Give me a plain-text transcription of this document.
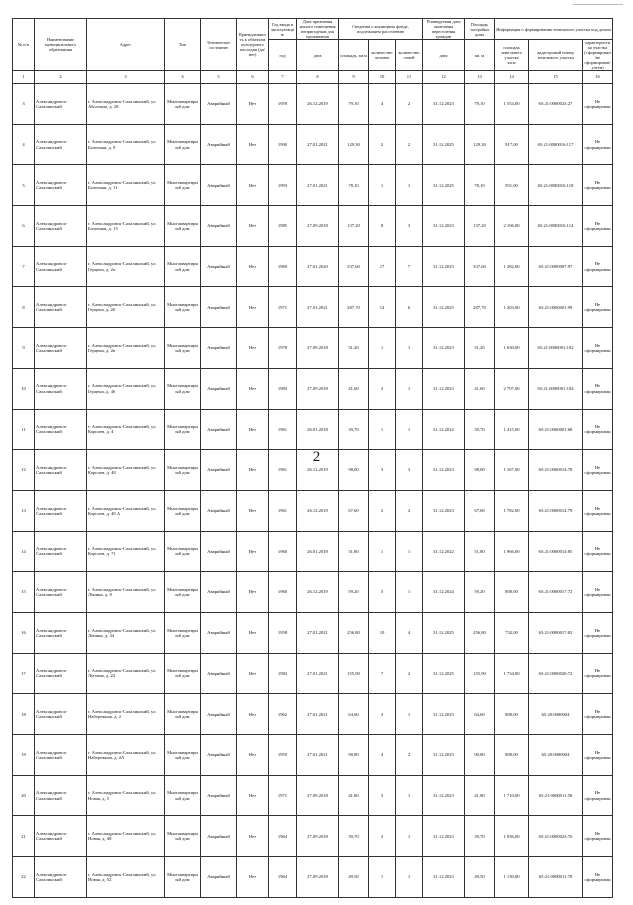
2
№ п/п	Наименование муниципального образования	Адрес	Тип	Техническое состояние	Принадлежность к объектам культурного наследия (да/нет)	Год ввода в эксплуатацию	Дата признания жилого помещения непригодным для проживания	Сведения о жилищном фонде, подлежащем расселению			Планируемая дата окончания переселения граждан	Площадь застройки дома	Информация о формировании земельного участка под домом		
						год	дата	площадь, кв.м	количество человек	количество семей	дата	кв. м	площадь земельного участка
кв.м	кадастровый номер земельного участка	характеристика участка (сформирован/не сформирован/учтен)
1	2	3	4	5	6	7	8	9	10	11	12	13	14	15	16
3	Александровск-Сахалинский	г. Александровск-Сахалинский, ул. Аболтина, д. 28	Многоквартирный дом	Аварийный	Нет	1959	26.12.2019	79,10	4	2	31.12.2023	79,10	1 554,00	65:21:0000023:27	Не сформирован
4	Александровск-Сахалинский	г. Александровск-Сахалинский, ул. Балочная, д. 9	Многоквартирный дом	Аварийный	Нет	1990	27.01.2021	129,30	2	2	31.12.2025	129,30	917,00	65:21:0000016:117	Не сформирован
5	Александровск-Сахалинский	г. Александровск-Сахалинский, ул. Балочная, д. 11	Многоквартирный дом	Аварийный	Нет	1993	27.01.2021	78,10	1	1	31.12.2025	78,10	951,00	65:21:0000016:118	Не сформирован
6	Александровск-Сахалинский	г. Александровск-Сахалинский, ул. Балочная, д. 13	Многоквартирный дом	Аварийный	Нет	1985	27.09.2018	137,20	8	3	31.12.2023	137,20	2 106,00	65:21:0000016:114	Не сформирован
7	Александровск-Сахалинский	г. Александровск-Сахалинский, ул. Герцена, д. 2а	Многоквартирный дом	Аварийный	Нет	1969	27.01.2020	337,60	17	7	31.12.2025	337,60	1 282,00	65:21:0000007:97	Не сформирован
8	Александровск-Сахалинский	г. Александровск-Сахалинский, ул. Герцена, д. 2б	Многоквартирный дом	Аварийный	Нет	1971	27.01.2021	287,70	14	6	31.12.2025	287,70	1 203,00	65:21:0000001:99	Не сформирован
9	Александровск-Сахалинский	г. Александровск-Сахалинский, ул. Герцена, д. 2в	Многоквартирный дом	Аварийный	Нет	1978	27.09.2018	51,20	1	1	31.12.2023	51,20	1 630,00	65:21:0000001:102	Не сформирован
10	Александровск-Сахалинский	г. Александровск-Сахалинский, ул. Герцена, д. 4б	Многоквартирный дом	Аварийный	Нет	1983	27.09.2018	41,60	3	1	31.12.2023	41,60	2 707,00	65:21:0000001:104	Не сформирован
11	Александровск-Сахалинский	г. Александровск-Сахалинский, ул. Королев, д. 4	Многоквартирный дом	Аварийный	Нет	1961	26.01.2018	39,70	1	1	31.12.2022	39,70	1 415,00	65:21:0000001:68	Не сформирован
12	Александровск-Сахалинский	г. Александровск-Сахалинский, ул. Королев, д. 48	Многоквартирный дом	Аварийный	Нет	1961	26.12.2019	98,00	3	3	31.12.2023	98,00	1 167,00	65:21:0000014:78	Не сформирован
13	Александровск-Сахалинский	г. Александровск-Сахалинский, ул. Королев, д. 48 А	Многоквартирный дом	Аварийный	Нет	1961	26.12.2019	67,60	2	2	31.12.2023	67,60	1 782,00	65:21:0000014:79	Не сформирован
14	Александровск-Сахалинский	г. Александровск-Сахалинский, ул. Королев, д. 71	Многоквартирный дом	Аварийный	Нет	1960	26.01.2018	51,80	1	1	31.12.2022	51,80	1 966,00	65:21:0000014:85	Не сформирован
15	Александровск-Сахалинский	г. Александровск-Сахалинский, ул. Ленина, д. 8	Многоквартирный дом	Аварийный	Нет	1960	26.12.2019	59,20	5	1	31.12.2024	59,20	800,00	65:21:0000017:72	Не сформирован
16	Александровск-Сахалинский	г. Александровск-Сахалинский, ул. Ленина, д. 34	Многоквартирный дом	Аварийный	Нет	1958	27.01.2021	256,80	10	4	31.12.2025	256,80	732,00	65:21:0000017:82	Не сформирован
17	Александровск-Сахалинский	г. Александровск-Сахалинский, ул. Луговая, д. 22	Многоквартирный дом	Аварийный	Нет	1983	27.01.2021	155,90	7	2	31.12.2025	155,90	1 734,00	65:21:0000020:72	Не сформирован
18	Александровск-Сахалинский	г. Александровск-Сахалинский, ул. Набережная, д. 2	Многоквартирный дом	Аварийный	Нет	1962	27.01.2021	64,60	3	1	31.12.2025	64,60	800,00	65:20:0000004	Не сформирован
19	Александровск-Сахалинский	г. Александровск-Сахалинский, ул. Набережная, д. 2А	Многоквартирный дом	Аварийный	Нет	1959	27.01.2021	90,80	4	2	31.12.2025	90,80	800,00	65:20:0000004	Не сформирован
20	Александровск-Сахалинский	г. Александровск-Сахалинский, ул. Новая, д. 5	Многоквартирный дом	Аварийный	Нет	1971	27.09.2018	41,80	3	1	31.12.2023	41,80	1 710,00	65:21:0000011:58	Не сформирован
21	Александровск-Сахалинский	г. Александровск-Сахалинский, ул. Новая, д. 48	Многоквартирный дом	Аварийный	Нет	1964	27.09.2018	39,70	3	1	31.12.2023	39,70	1 036,00	65:21:0000023:76	Не сформирован
22	Александровск-Сахалинский	г. Александровск-Сахалинский, ул. Новая, д. 52	Многоквартирный дом	Аварийный	Нет	1964	27.09.2018	49,50	1	1	31.12.2023	49,50	1 130,00	65:21:0000011:78	Не сформирован
